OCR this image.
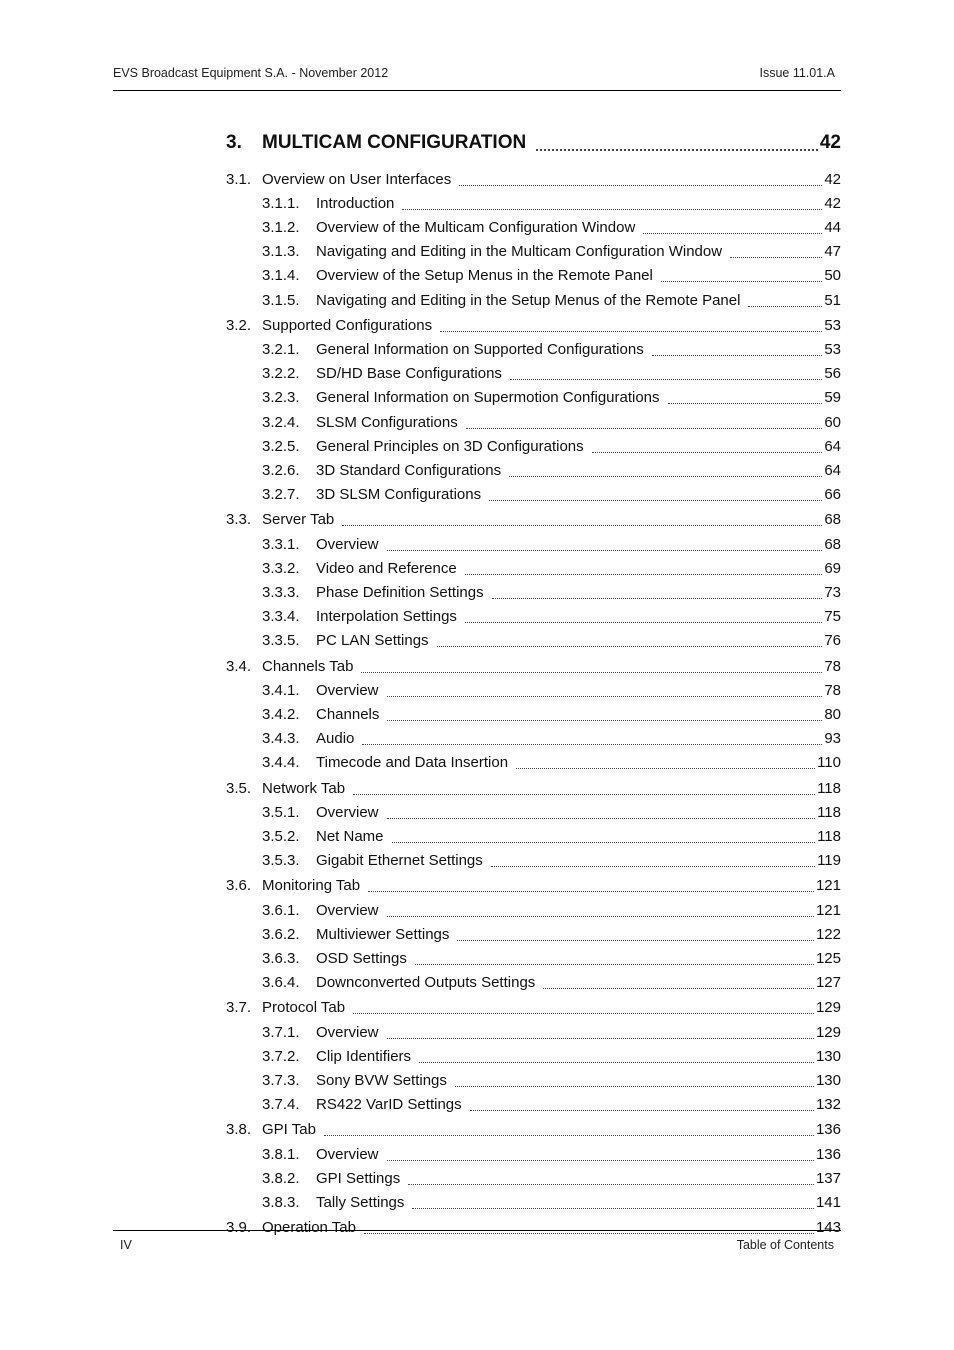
EVS Broadcast Equipment S.A. - November 2012	Issue 11.01.A
3.	MULTICAM CONFIGURATION	42
3.1. Overview on User Interfaces	42
3.1.1.	Introduction	42
3.1.2.	Overview of the Multicam Configuration Window	44
3.1.3.	Navigating and Editing in the Multicam Configuration Window	47
3.1.4.	Overview of the Setup Menus in the Remote Panel	50
3.1.5.	Navigating and Editing in the Setup Menus of the Remote Panel	51
3.2. Supported Configurations	53
3.2.1.	General Information on Supported Configurations	53
3.2.2.	SD/HD Base Configurations	56
3.2.3.	General Information on Supermotion Configurations	59
3.2.4.	SLSM Configurations	60
3.2.5.	General Principles on 3D Configurations	64
3.2.6.	3D Standard Configurations	64
3.2.7.	3D SLSM Configurations	66
3.3. Server Tab	68
3.3.1.	Overview	68
3.3.2.	Video and Reference	69
3.3.3.	Phase Definition Settings	73
3.3.4.	Interpolation Settings	75
3.3.5.	PC LAN Settings	76
3.4. Channels Tab	78
3.4.1.	Overview	78
3.4.2.	Channels	80
3.4.3.	Audio	93
3.4.4.	Timecode and Data Insertion	110
3.5. Network Tab	118
3.5.1.	Overview	118
3.5.2.	Net Name	118
3.5.3.	Gigabit Ethernet Settings	119
3.6. Monitoring Tab	121
3.6.1.	Overview	121
3.6.2.	Multiviewer Settings	122
3.6.3.	OSD Settings	125
3.6.4.	Downconverted Outputs Settings	127
3.7. Protocol Tab	129
3.7.1.	Overview	129
3.7.2.	Clip Identifiers	130
3.7.3.	Sony BVW Settings	130
3.7.4.	RS422 VarID Settings	132
3.8. GPI Tab	136
3.8.1.	Overview	136
3.8.2.	GPI Settings	137
3.8.3.	Tally Settings	141
3.9. Operation Tab	143
IV	Table of Contents
